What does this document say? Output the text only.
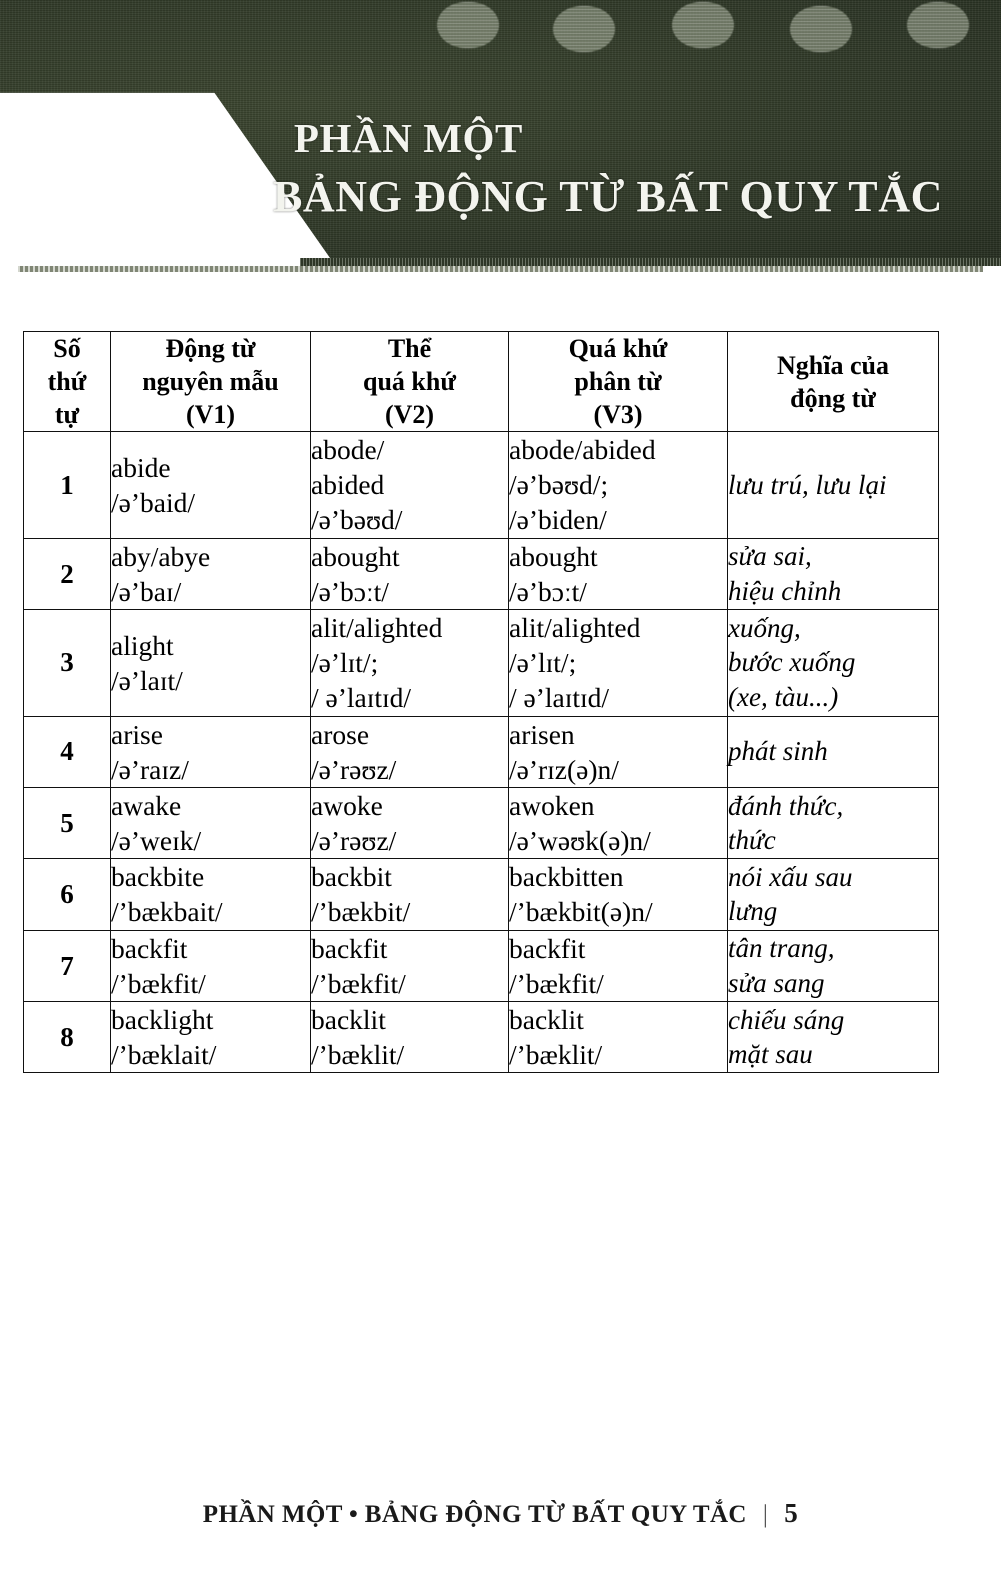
PHẦN MỘT
BẢNG ĐỘNG TỪ BẤT QUY TẮC
Số
thứ
tự	Động từ
nguyên mẫu
(V1)	Thể
quá khứ
(V2)	Quá khứ
phân từ
(V3)	Nghĩa của
động từ

1	abide
/ə’baid/	abode/
abided
/ə’bəʊd/	abode/abided
/ə’bəʊd/;
/ə’biden/	lưu trú, lưu lại

2	aby/abye
/ə’baɪ/	abought
/ə’bɔːt/	abought
/ə’bɔːt/	sửa sai,
hiệu chỉnh

3	alight
/ə’laɪt/	alit/alighted
/ə’lɪt/;
/ ə’laɪtɪd/	alit/alighted
/ə’lɪt/;
/ ə’laɪtɪd/	xuống,
bước xuống
(xe, tàu...)

4	arise
/ə’raɪz/	arose
/ə’rəʊz/	arisen
/ə’rɪz(ə)n/	phát sinh

5	awake
/ə’weɪk/	awoke
/ə’rəʊz/	awoken
/ə’wəʊk(ə)n/	đánh thức,
thức

6	backbite
/’bækbait/	backbit
/’bækbit/	backbitten
/’bækbit(ə)n/	nói xấu sau
lưng

7	backfit
/’bækfit/	backfit
/’bækfit/	backfit
/’bækfit/	tân trang,
sửa sang

8	backlight
/’bæklait/	backlit
/’bæklit/	backlit
/’bæklit/	chiếu sáng
mặt sau
PHẦN MỘT • BẢNG ĐỘNG TỪ BẤT QUY TẮC | 5
